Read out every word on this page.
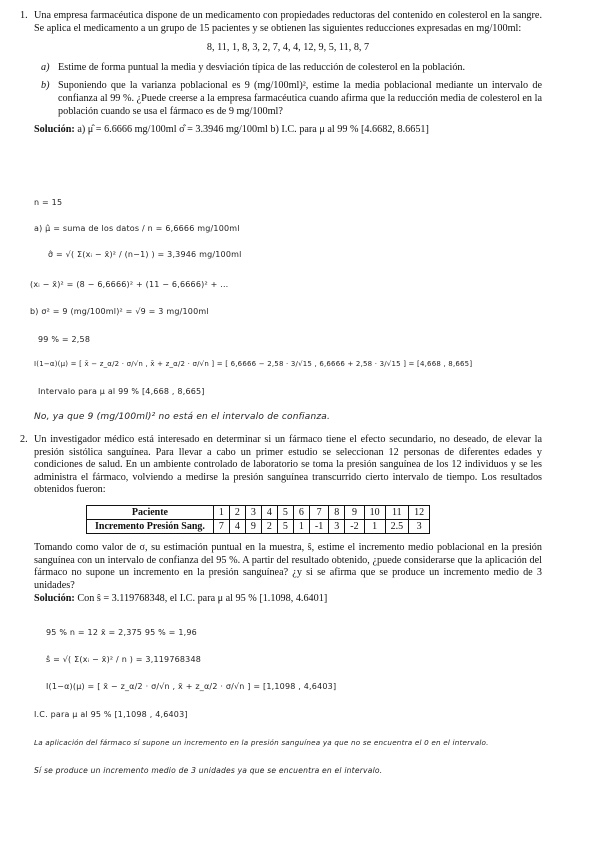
1. Una empresa farmacéutica dispone de un medicamento con propiedades reductoras del contenido en colesterol en la sangre. Se aplica el medicamento a un grupo de 15 pacientes y se obtienen las siguientes reducciones expresadas en mg/100ml:

8, 11, 1, 8, 3, 2, 7, 4, 4, 12, 9, 5, 11, 8, 7
a) Estime de forma puntual la media y desviación típica de las reducción de colesterol en la población.
b) Suponiendo que la varianza poblacional es 9 (mg/100ml)², estime la media poblacional mediante un intervalo de confianza al 99 %. ¿Puede creerse a la empresa farmacéutica cuando afirma que la reducción media de colesterol en la población cuando se usa el fármaco es de 9 mg/100ml?
Solución: a) μ̂ = 6.6666 mg/100ml σ̂ = 3.3946 mg/100ml b) I.C. para μ al 99 % [4.6682, 8.6651]
n = 15
a) μ̂ = suma de los datos / n = 6,6666 mg/100ml
σ̂ = √( Σ(xᵢ − x̄)² / (n−1) ) = 3,3946 mg/100ml
(xᵢ − x̄)² = (8 − 6,6666)² + (11 − 6,6666)² + …
b) σ² = 9 (mg/100ml)² = √9 = 3 mg/100ml
99 % = 2,58
I(1−α)(μ) = [ x̄ − z_α/2 · σ/√n , x̄ + z_α/2 · σ/√n ] = [ 6,6666 − 2,58 · 3/√15 , 6,6666 + 2,58 · 3/√15 ] = [4,668 , 8,665]
Intervalo para μ al 99 % [4,668 , 8,665]
No, ya que 9 (mg/100ml)² no está en el intervalo de confianza.
2. Un investigador médico está interesado en determinar si un fármaco tiene el efecto secundario, no deseado, de elevar la presión sistólica sanguínea. Para llevar a cabo un primer estudio se seleccionan 12 personas de diferentes edades y condiciones de salud. En un ambiente controlado de laboratorio se toma la presión sanguínea de los 12 individuos y se les administra el fármaco, volviendo a medirse la presión sanguínea transcurrido cierto intervalo de tiempo. Los resultados obtenidos fueron:

Paciente	1	2	3	4	5	6	7	8	9	10	11	12
Incremento Presión Sang.	7	4	9	2	5	1	-1	3	-2	1	2.5	3

Tomando como valor de σ, su estimación puntual en la muestra, ŝ, estime el incremento medio poblacional en la presión sanguínea con un intervalo de confianza del 95 %. A partir del resultado obtenido, ¿puede considerarse que la aplicación del fármaco no supone un incremento en la presión sanguínea? ¿y si se afirma que se produce un incremento medio de 3 unidades?

Solución: Con ŝ = 3.119768348, el I.C. para μ al 95 % [1.1098, 4.6401]
95 % n = 12 x̄ = 2,375 95 % = 1,96
ŝ = √( Σ(xᵢ − x̄)² / n ) = 3,119768348
I(1−α)(μ) = [ x̄ − z_α/2 · σ/√n , x̄ + z_α/2 · σ/√n ] = [1,1098 , 4,6403]
I.C. para μ al 95 % [1,1098 , 4,6403]
La aplicación del fármaco sí supone un incremento en la presión sanguínea ya que no se encuentra el 0 en el intervalo.
Sí se produce un incremento medio de 3 unidades ya que se encuentra en el intervalo.
